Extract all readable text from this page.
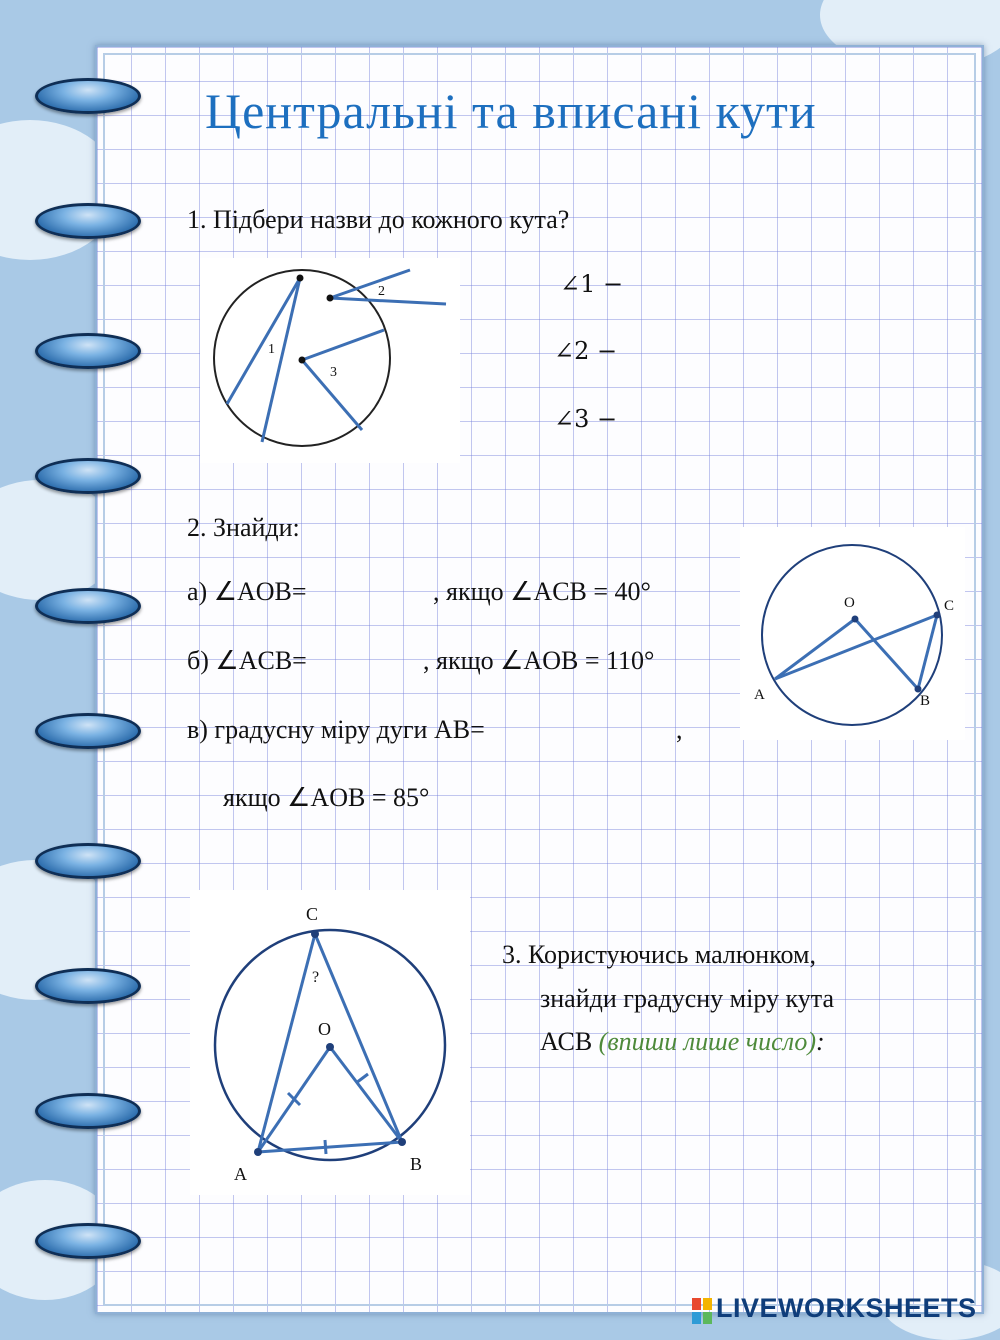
Центральні та вписані кути
1. Підбери назви до кожного кута?
1
2
3
∠1 −
∠2 −
∠3 −
2. Знайди:
а) ∠AOB=	, якщо ∠ACB = 40°
б) ∠ACB=	, якщо ∠AOB = 110°
в) градусну міру дуги АВ=	,
якщо ∠AOB = 85°
O	C
A	B
C
?
O
A	B
3. Користуючись малюнком,
знайди градусну міру кута
АСВ (впиши лише число):
LIVEWORKSHEETS
